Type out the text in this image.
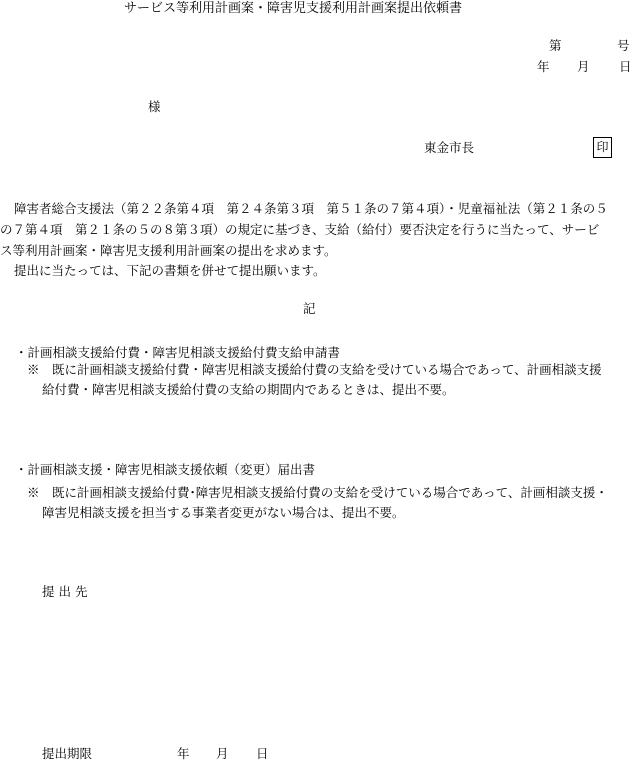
サービス等利用計画案・障害児支援利用計画案提出依頼書
第	号
年 月 日
様
東金市長	印
障害者総合支援法（第２２条第４項　第２４条第３項　第５１条の７第４項）・児童福祉法（第２１条の５
の７第４項　第２１条の５の８第３項）の規定に基づき、支給（給付）要否決定を行うに当たって、サービ
ス等利用計画案・障害児支援利用計画案の提出を求めます。
提出に当たっては、下記の書類を併せて提出願います。
記
・計画相談支援給付費・障害児相談支援給付費支給申請書
※　既に計画相談支援給付費・障害児相談支援給付費の支給を受けている場合であって、計画相談支援
給付費・障害児相談支援給付費の支給の期間内であるときは、提出不要。
・計画相談支援・障害児相談支援依頼（変更）届出書
※　既に計画相談支援給付費･障害児相談支援給付費の支給を受けている場合であって、計画相談支援・
障害児相談支援を担当する事業者変更がない場合は、提出不要。
提出先
提出期限	年 月 日
